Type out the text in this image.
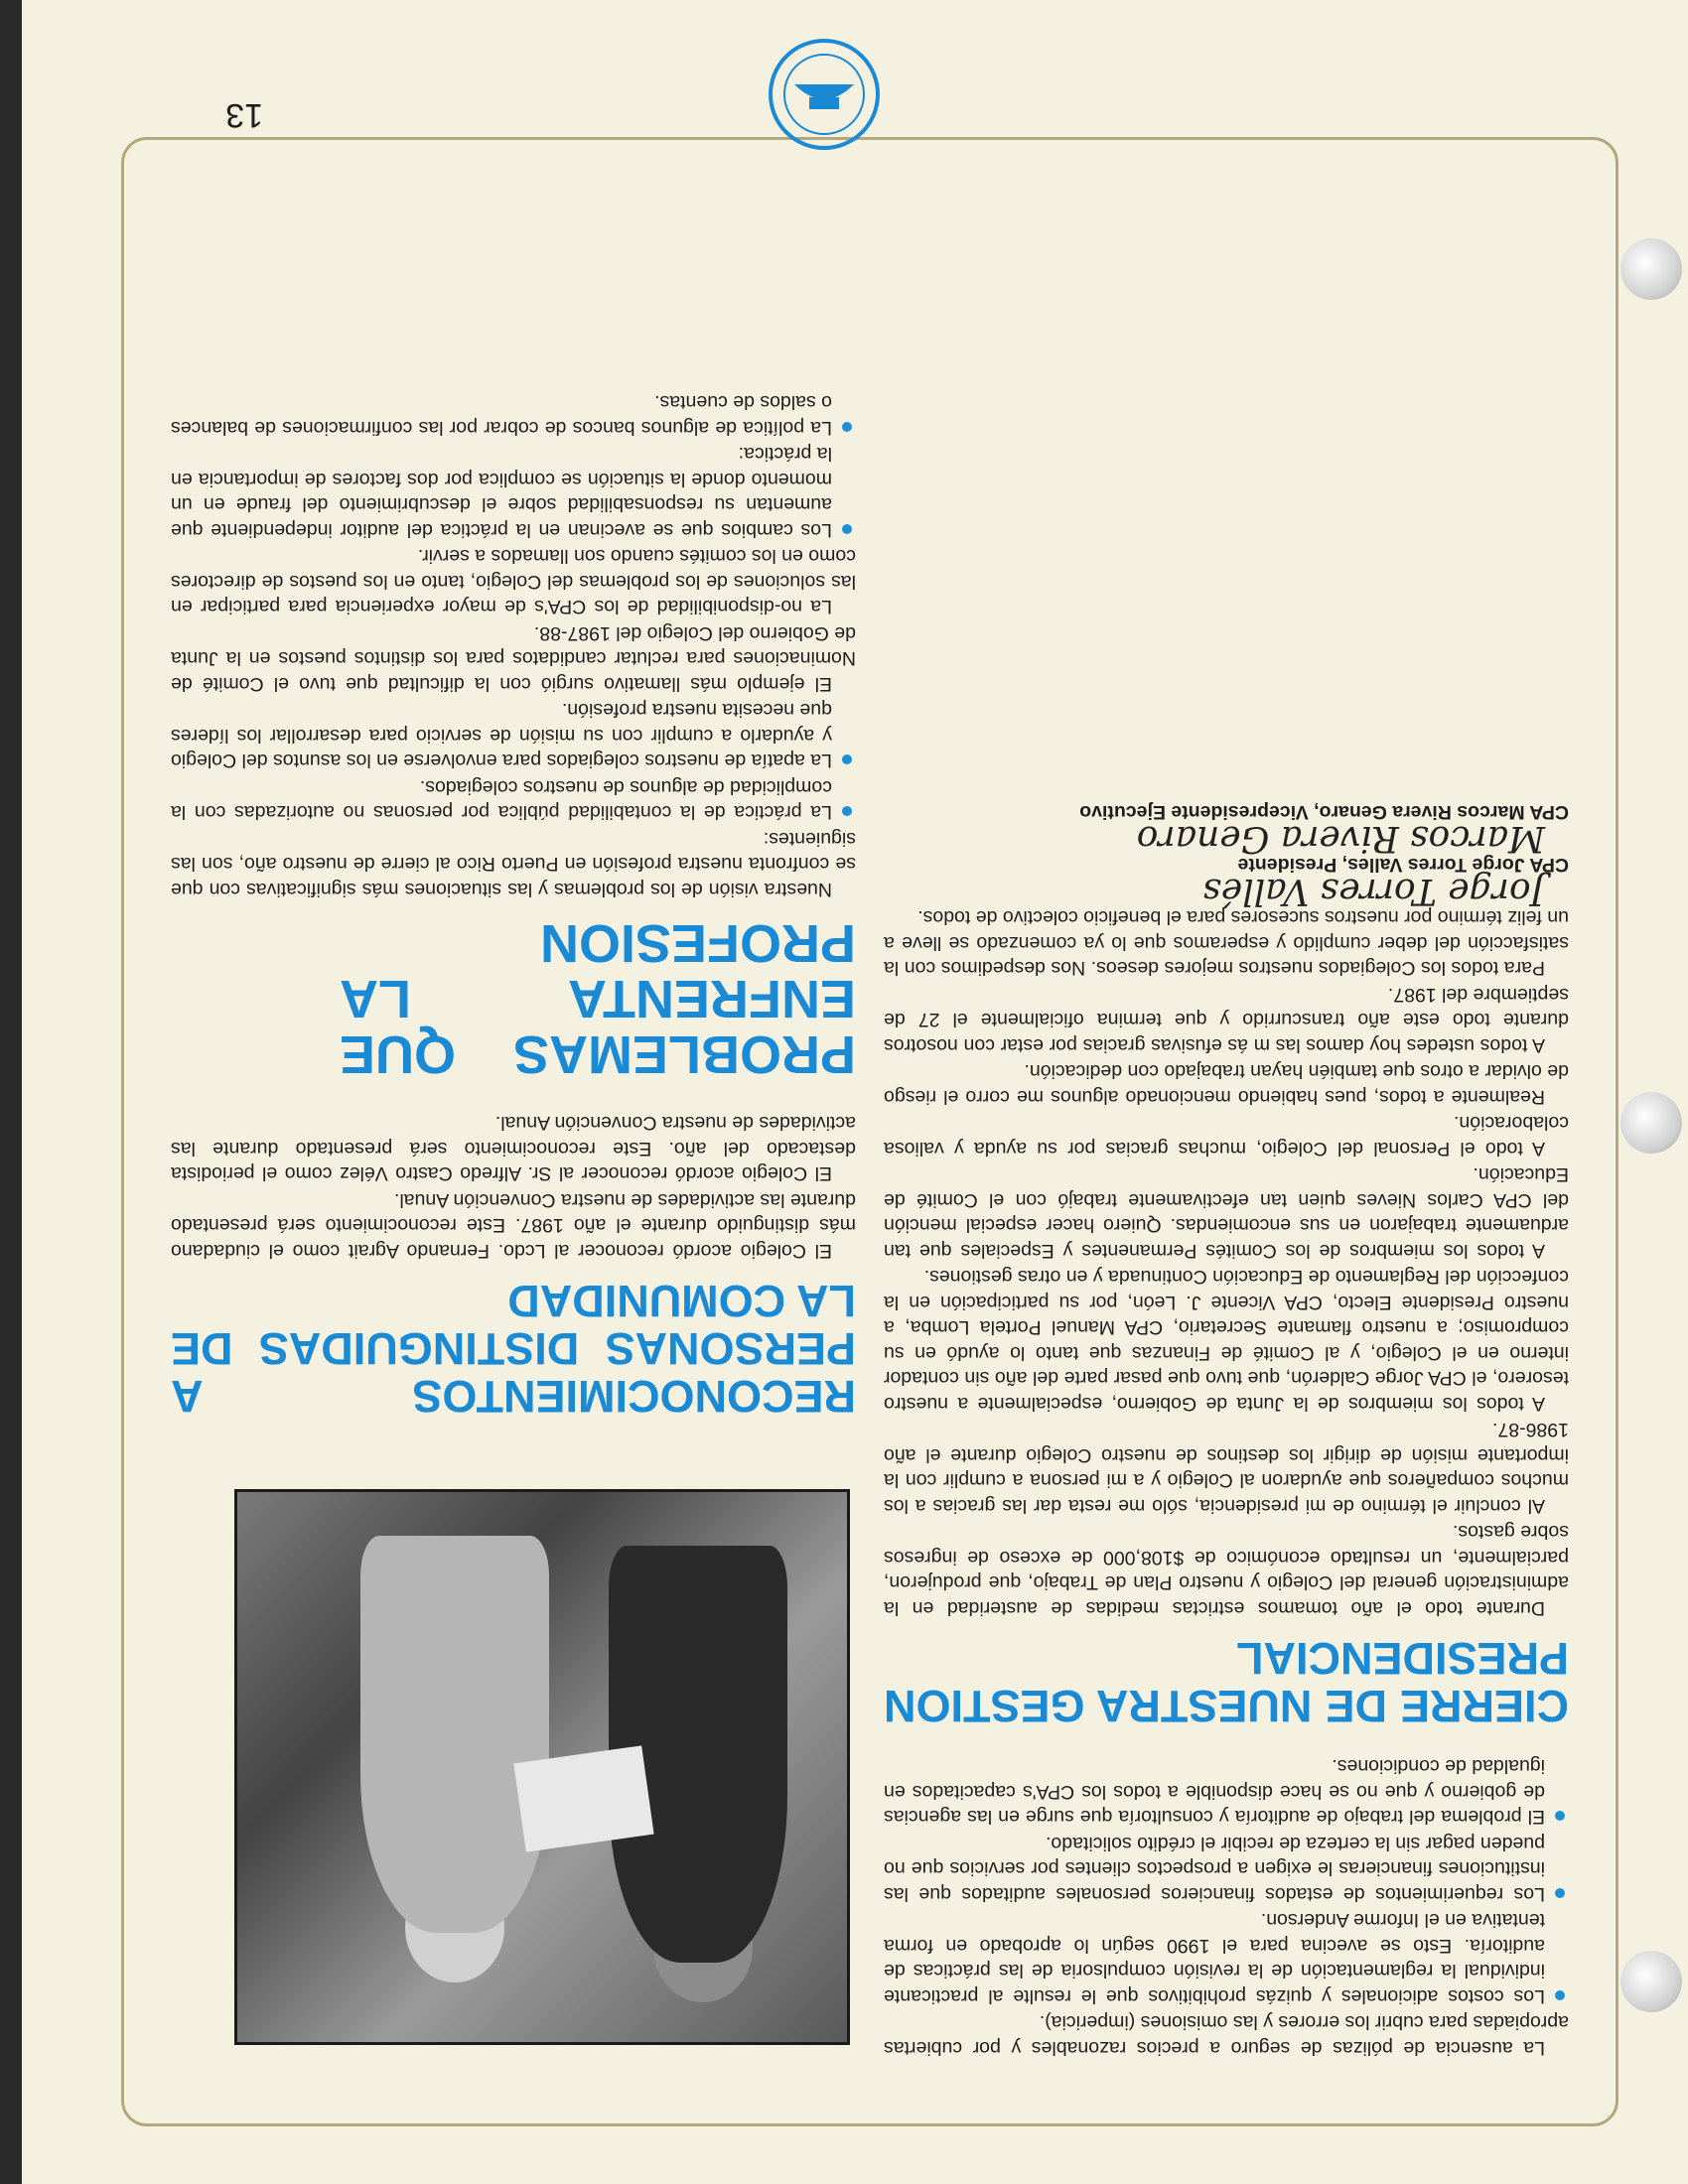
La ausencia de pólizas de seguro a precios razonables y por cubiertas apropiadas para cubrir los errores y las omisiones (impericia).

Los costos adicionales y quizás prohibitivos que le resulte al practicante individual la reglamentación de la revisión compulsoria de las prácticas de auditoría. Esto se avecina para el 1990 según lo aprobado en forma tentativa en el Informe Anderson.

Los requerimientos de estados financieros personales auditados que las instituciones financieras le exigen a prospectos clientes por servicios que no pueden pagar sin la certeza de recibir el crédito solicitado.

El problema del trabajo de auditoría y consultoría que surge en las agencias de gobierno y que no se hace disponible a todos los CPA's capacitados en igualdad de condiciones.

CIERRE DE NUESTRA GESTION PRESIDENCIAL

Durante todo el año tomamos estrictas medidas de austeridad en la administración general del Colegio y nuestro Plan de Trabajo, que produjeron, parcialmente, un resultado económico de $108,000 de exceso de ingresos sobre gastos.

Al concluir el término de mi presidencia, sólo me resta dar las gracias a los muchos compañeros que ayudaron al Colegio y a mi persona a cumplir con la importante misión de dirigir los destinos de nuestro Colegio durante el año 1986-87.

A todos los miembros de la Junta de Gobierno, especialmente a nuestro tesorero, el CPA Jorge Calderón, que tuvo que pasar parte del año sin contador interno en el Colegio, y al Comité de Finanzas que tanto lo ayudó en su compromiso; a nuestro flamante Secretario, CPA Manuel Portela Lomba, a nuestro Presidente Electo, CPA Vicente J. León, por su participación en la confección del Reglamento de Educación Continuada y en otras gestiones.

A todos los miembros de los Comités Permanentes y Especiales que tan arduamente trabajaron en sus encomiendas. Quiero hacer especial mención del CPA Carlos Nieves quien tan efectivamente trabajó con el Comité de Educación.

A todo el Personal del Colegio, muchas gracias por su ayuda y valiosa colaboración.

Realmente a todos, pues habiendo mencionado algunos me corro el riesgo de olvidar a otros que también hayan trabajado con dedicación.

A todos ustedes hoy damos las m ás efusivas gracias por estar con nosotros durante todo este año transcurrido y que termina oficialmente el 27 de septiembre del 1987.

Para todos los Colegiados nuestros mejores deseos. Nos despedimos con la satisfacción del deber cumplido y esperamos que lo ya comenzado se lleve a un feliz término por nuestros sucesores para el beneficio colectivo de todos.

Jorge Torres Vallés

CPA Jorge Torres Valles, Presidente

Marcos Rivera Genaro

CPA Marcos Rivera Genaro, Vicepresidente Ejecutivo

RECONOCIMIENTOS A PERSONAS DISTINGUIDAS DE LA COMUNIDAD

El Colegio acordó reconocer al Lcdo. Fernando Agrait como el ciudadano más distinguido durante el año 1987. Este reconocimiento será presentado durante las actividades de nuestra Convención Anual.

El Colegio acordó reconocer al Sr. Alfredo Castro Vélez como el periodista destacado del año. Este reconocimiento será presentado durante las actividades de nuestra Convención Anual.

PROBLEMAS QUE ENFRENTA LA PROFESION

Nuestra visión de los problemas y las situaciones más significativas con que se confronta nuestra profesión en Puerto Rico al cierre de nuestro año, son las siguientes:

La práctica de la contabilidad pública por personas no autorizadas con la complicidad de algunos de nuestros colegiados.

La apatía de nuestros colegiados para envolverse en los asuntos del Colegio y ayudarlo a cumplir con su misión de servicio para desarrollar los líderes que necesita nuestra profesión.

El ejemplo más llamativo surgió con la dificultad que tuvo el Comité de Nominaciones para reclutar candidatos para los distintos puestos en la Junta de Gobierno del Colegio del 1987-88.

La no-disponibilidad de los CPA's de mayor experiencia para participar en las soluciones de los problemas del Colegio, tanto en los puestos de directores como en los comités cuando son llamados a servir.

Los cambios que se avecinan en la práctica del auditor independiente que aumentan su responsabilidad sobre el descubrimiento del fraude en un momento donde la situación se complica por dos factores de importancia en la práctica:

La política de algunos bancos de cobrar por las confirmaciones de balances o saldos de cuentas.

13
